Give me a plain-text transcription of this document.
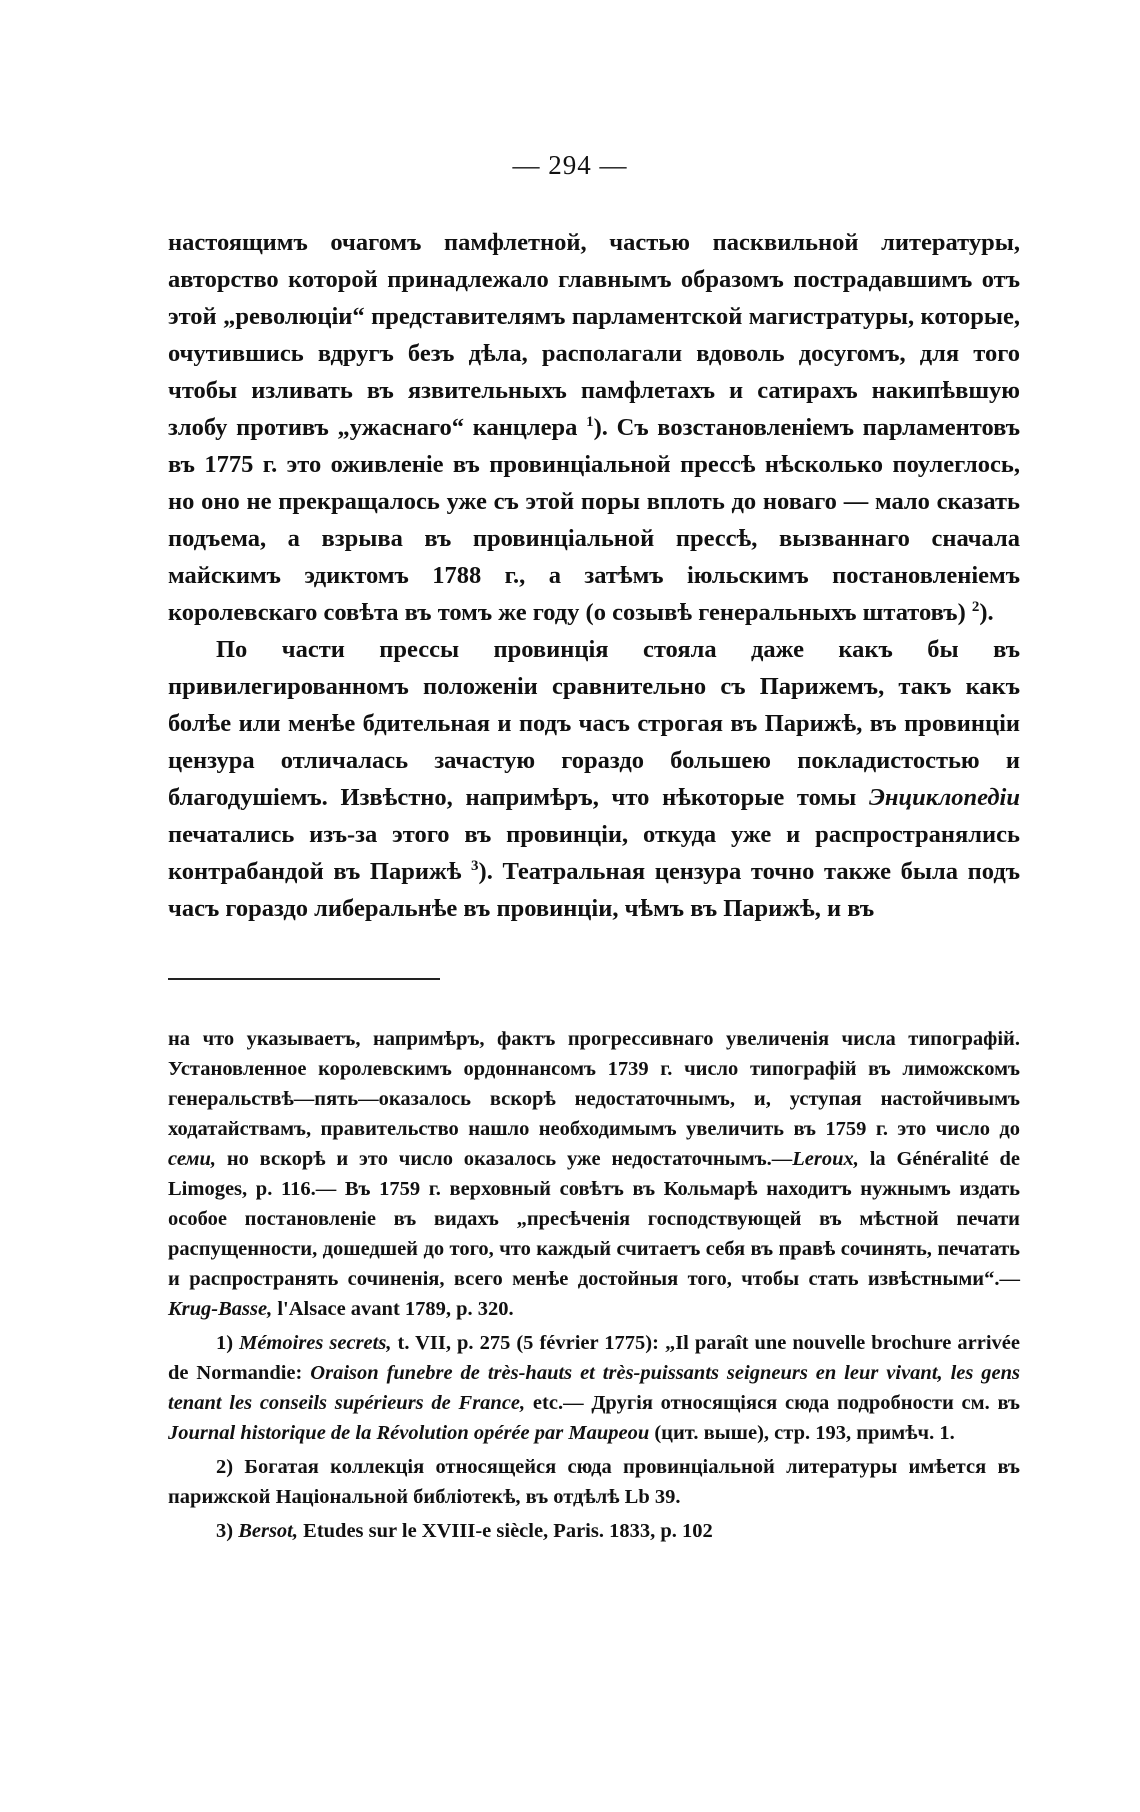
— 294 —

настоящимъ очагомъ памфлетной, частью пасквильной литературы, авторство которой принадлежало главнымъ образомъ пострадавшимъ отъ этой „революціи“ представителямъ парламентской магистратуры, которые, очутившись вдругъ безъ дѣла, располагали вдоволь досугомъ, для того чтобы изливать въ язвительныхъ памфлетахъ и сатирахъ накипѣвшую злобу противъ „ужаснаго“ канцлера $^1$). Съ возстановленіемъ парламентовъ въ 1775 г. это оживленіе въ провинціальной прессѣ нѣсколько поулеглось, но оно не прекращалось уже съ этой поры вплоть до новаго — мало сказать подъема, а взрыва въ провинціальной прессѣ, вызваннаго сначала майскимъ эдиктомъ 1788 г., а затѣмъ іюльскимъ постановленіемъ королевскаго совѣта въ томъ же году (о созывѣ генеральныхъ штатовъ) $^2$).

По части прессы провинція стояла даже какъ бы въ привилегированномъ положеніи сравнительно съ Парижемъ, такъ какъ болѣе или менѣе бдительная и подъ часъ строгая въ Парижѣ, въ провинціи цензура отличалась зачастую гораздо большею покладистостью и благодушіемъ. Извѣстно, напримѣръ, что нѣкоторые томы Энциклопедіи печатались изъ-за этого въ провинціи, откуда уже и распространялись контрабандой въ Парижѣ $^3$). Театральная цензура точно также была подъ часъ гораздо либеральнѣе въ провинціи, чѣмъ въ Парижѣ, и въ

на что указываетъ, напримѣръ, фактъ прогрессивнаго увеличенія числа типографій. Установленное королевскимъ ордоннансомъ 1739 г. число типографій въ лиможскомъ генеральствѣ—пять—оказалось вскорѣ недостаточнымъ, и, уступая настойчивымъ ходатайствамъ, правительство нашло необходимымъ увеличить въ 1759 г. это число до семи, но вскорѣ и это число оказалось уже недостаточнымъ.—Leroux, la Généralité de Limoges, p. 116.— Въ 1759 г. верховный совѣтъ въ Кольмарѣ находитъ нужнымъ издать особое постановленіе въ видахъ „пресѣченія господствующей въ мѣстной печати распущенности, дошедшей до того, что каждый считаетъ себя въ правѣ сочинять, печатать и распространять сочиненія, всего менѣе достойныя того, чтобы стать извѣстными“.—Krug-Basse, l'Alsace avant 1789, p. 320.

1) Mémoires secrets, t. VII, p. 275 (5 février 1775): „Il paraît une nouvelle brochure arrivée de Normandie: Oraison funebre de très-hauts et très-puissants seigneurs en leur vivant, les gens tenant les conseils supérieurs de France, etc.— Другія относящіяся сюда подробности см. въ Journal historique de la Révolution opérée par Maupeou (цит. выше), стр. 193, примѣч. 1.

2) Богатая коллекція относящейся сюда провинціальной литературы имѣется въ парижской Національной библіотекѣ, въ отдѣлѣ Lb 39.

3) Bersot, Etudes sur le XVIII-e siècle, Paris. 1833, p. 102
